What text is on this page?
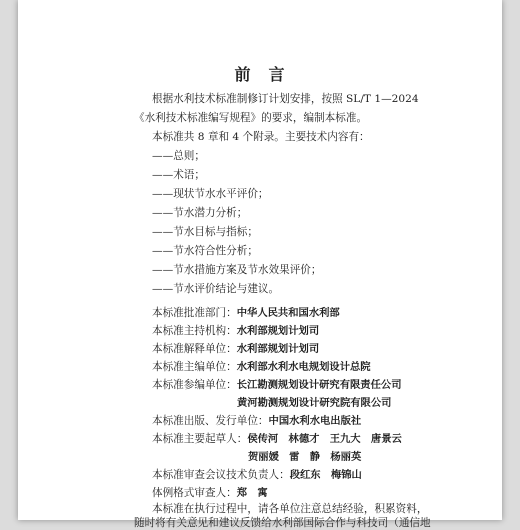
前　言
根据水利技术标准制修订计划安排，按照 SL/T 1—2024
《水利技术标准编写规程》的要求，编制本标准。
本标准共 8 章和 4 个附录。主要技术内容有：
——总则；
——术语；
——现状节水水平评价；
——节水潜力分析；
——节水目标与指标；
——节水符合性分析；
——节水措施方案及节水效果评价；
——节水评价结论与建议。
本标准批准部门：中华人民共和国水利部
本标准主持机构：水利部规划计划司
本标准解释单位：水利部规划计划司
本标准主编单位：水利部水利水电规划设计总院
本标准参编单位：长江勘测规划设计研究有限责任公司
黄河勘测规划设计研究院有限公司
本标准出版、发行单位：中国水利水电出版社
本标准主要起草人：侯传河　林德才　王九大　唐景云
贺丽媛　雷　静　杨丽英
本标准审查会议技术负责人：段红东　梅锦山
体例格式审查人：郑　寓
本标准在执行过程中，请各单位注意总结经验，积累资料，
随时将有关意见和建议反馈给水利部国际合作与科技司（通信地
